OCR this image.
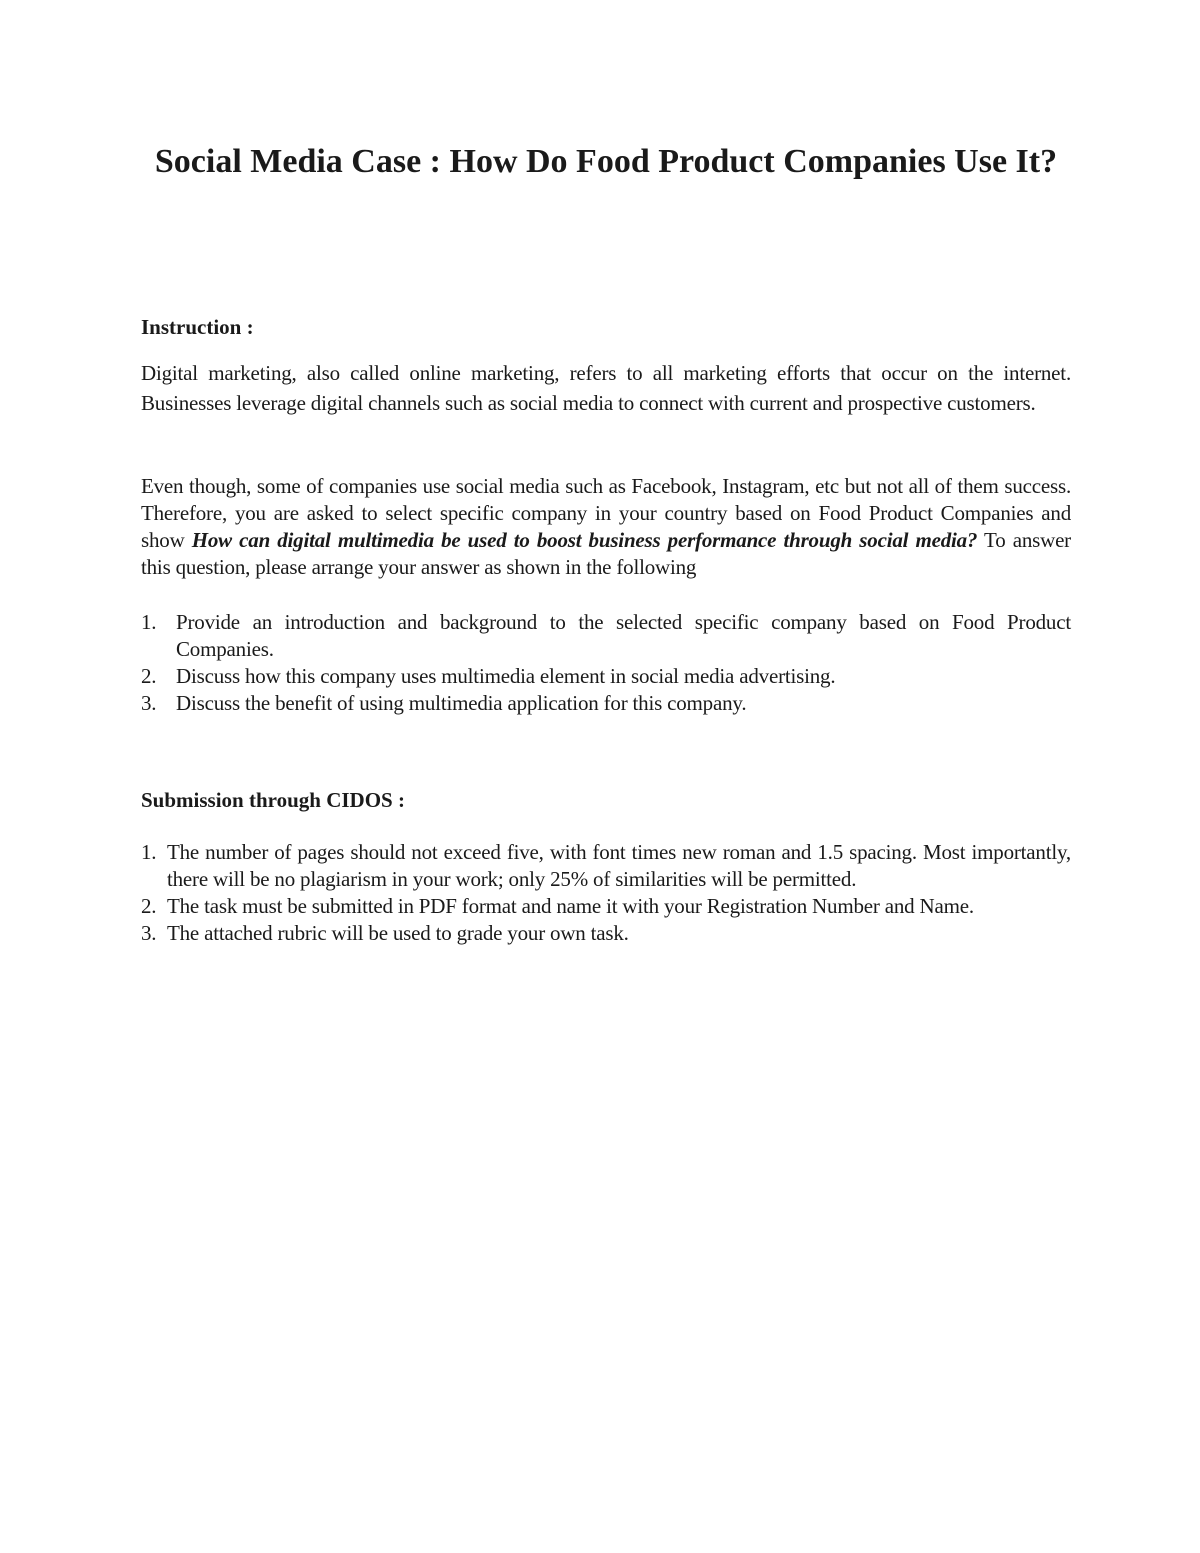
Social Media Case : How Do Food Product Companies Use It?
Instruction :

Digital marketing, also called online marketing, refers to all marketing efforts that occur on the internet. Businesses leverage digital channels such as social media to connect with current and prospective customers.

Even though, some of companies use social media such as Facebook, Instagram, etc but not all of them success. Therefore, you are asked to select specific company in your country based on Food Product Companies and show How can digital multimedia be used to boost business performance through social media? To answer this question, please arrange your answer as shown in the following

1. Provide an introduction and background to the selected specific company based on Food Product Companies.
2. Discuss how this company uses multimedia element in social media advertising.
3. Discuss the benefit of using multimedia application for this company.
Submission through CIDOS :
1. The number of pages should not exceed five, with font times new roman and 1.5 spacing. Most importantly, there will be no plagiarism in your work; only 25% of similarities will be permitted.
2. The task must be submitted in PDF format and name it with your Registration Number and Name.
3. The attached rubric will be used to grade your own task.
